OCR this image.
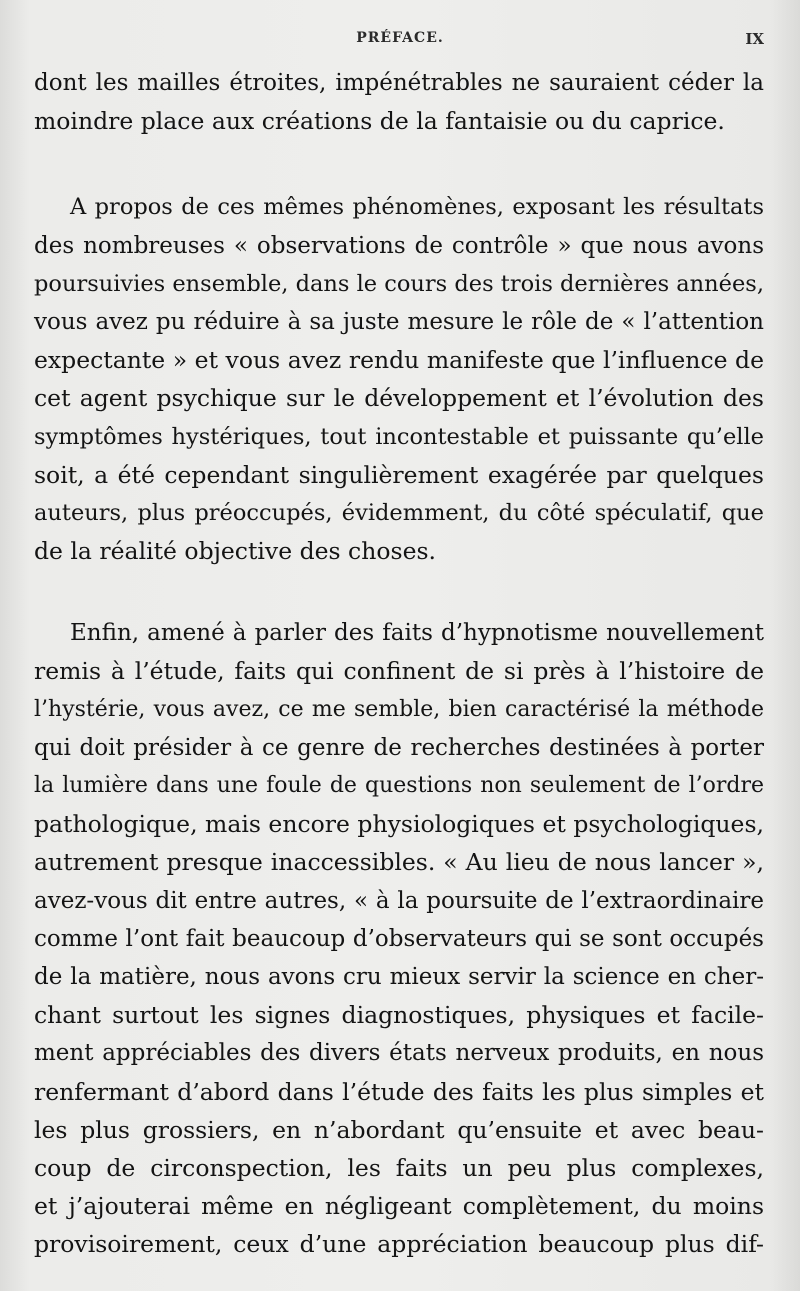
PRÉFACE.	IX
dont les mailles étroites, impénétrables ne sauraient céder la
moindre place aux créations de la fantaisie ou du caprice.
A propos de ces mêmes phénomènes, exposant les résultats
des nombreuses « observations de contrôle » que nous avons
poursuivies ensemble, dans le cours des trois dernières années,
vous avez pu réduire à sa juste mesure le rôle de « l’attention
expectante » et vous avez rendu manifeste que l’influence de
cet agent psychique sur le développement et l’évolution des
symptômes hystériques, tout incontestable et puissante qu’elle
soit, a été cependant singulièrement exagérée par quelques
auteurs, plus préoccupés, évidemment, du côté spéculatif, que
de la réalité objective des choses.
Enfin, amené à parler des faits d’hypnotisme nouvellement
remis à l’étude, faits qui confinent de si près à l’histoire de
l’hystérie, vous avez, ce me semble, bien caractérisé la méthode
qui doit présider à ce genre de recherches destinées à porter
la lumière dans une foule de questions non seulement de l’ordre
pathologique, mais encore physiologiques et psychologiques,
autrement presque inaccessibles. « Au lieu de nous lancer »,
avez-vous dit entre autres, « à la poursuite de l’extraordinaire
comme l’ont fait beaucoup d’observateurs qui se sont occupés
de la matière, nous avons cru mieux servir la science en cher-
chant surtout les signes diagnostiques, physiques et facile-
ment appréciables des divers états nerveux produits, en nous
renfermant d’abord dans l’étude des faits les plus simples et
les plus grossiers, en n’abordant qu’ensuite et avec beau-
coup de circonspection, les faits un peu plus complexes,
et j’ajouterai même en négligeant complètement, du moins
provisoirement, ceux d’une appréciation beaucoup plus dif-
